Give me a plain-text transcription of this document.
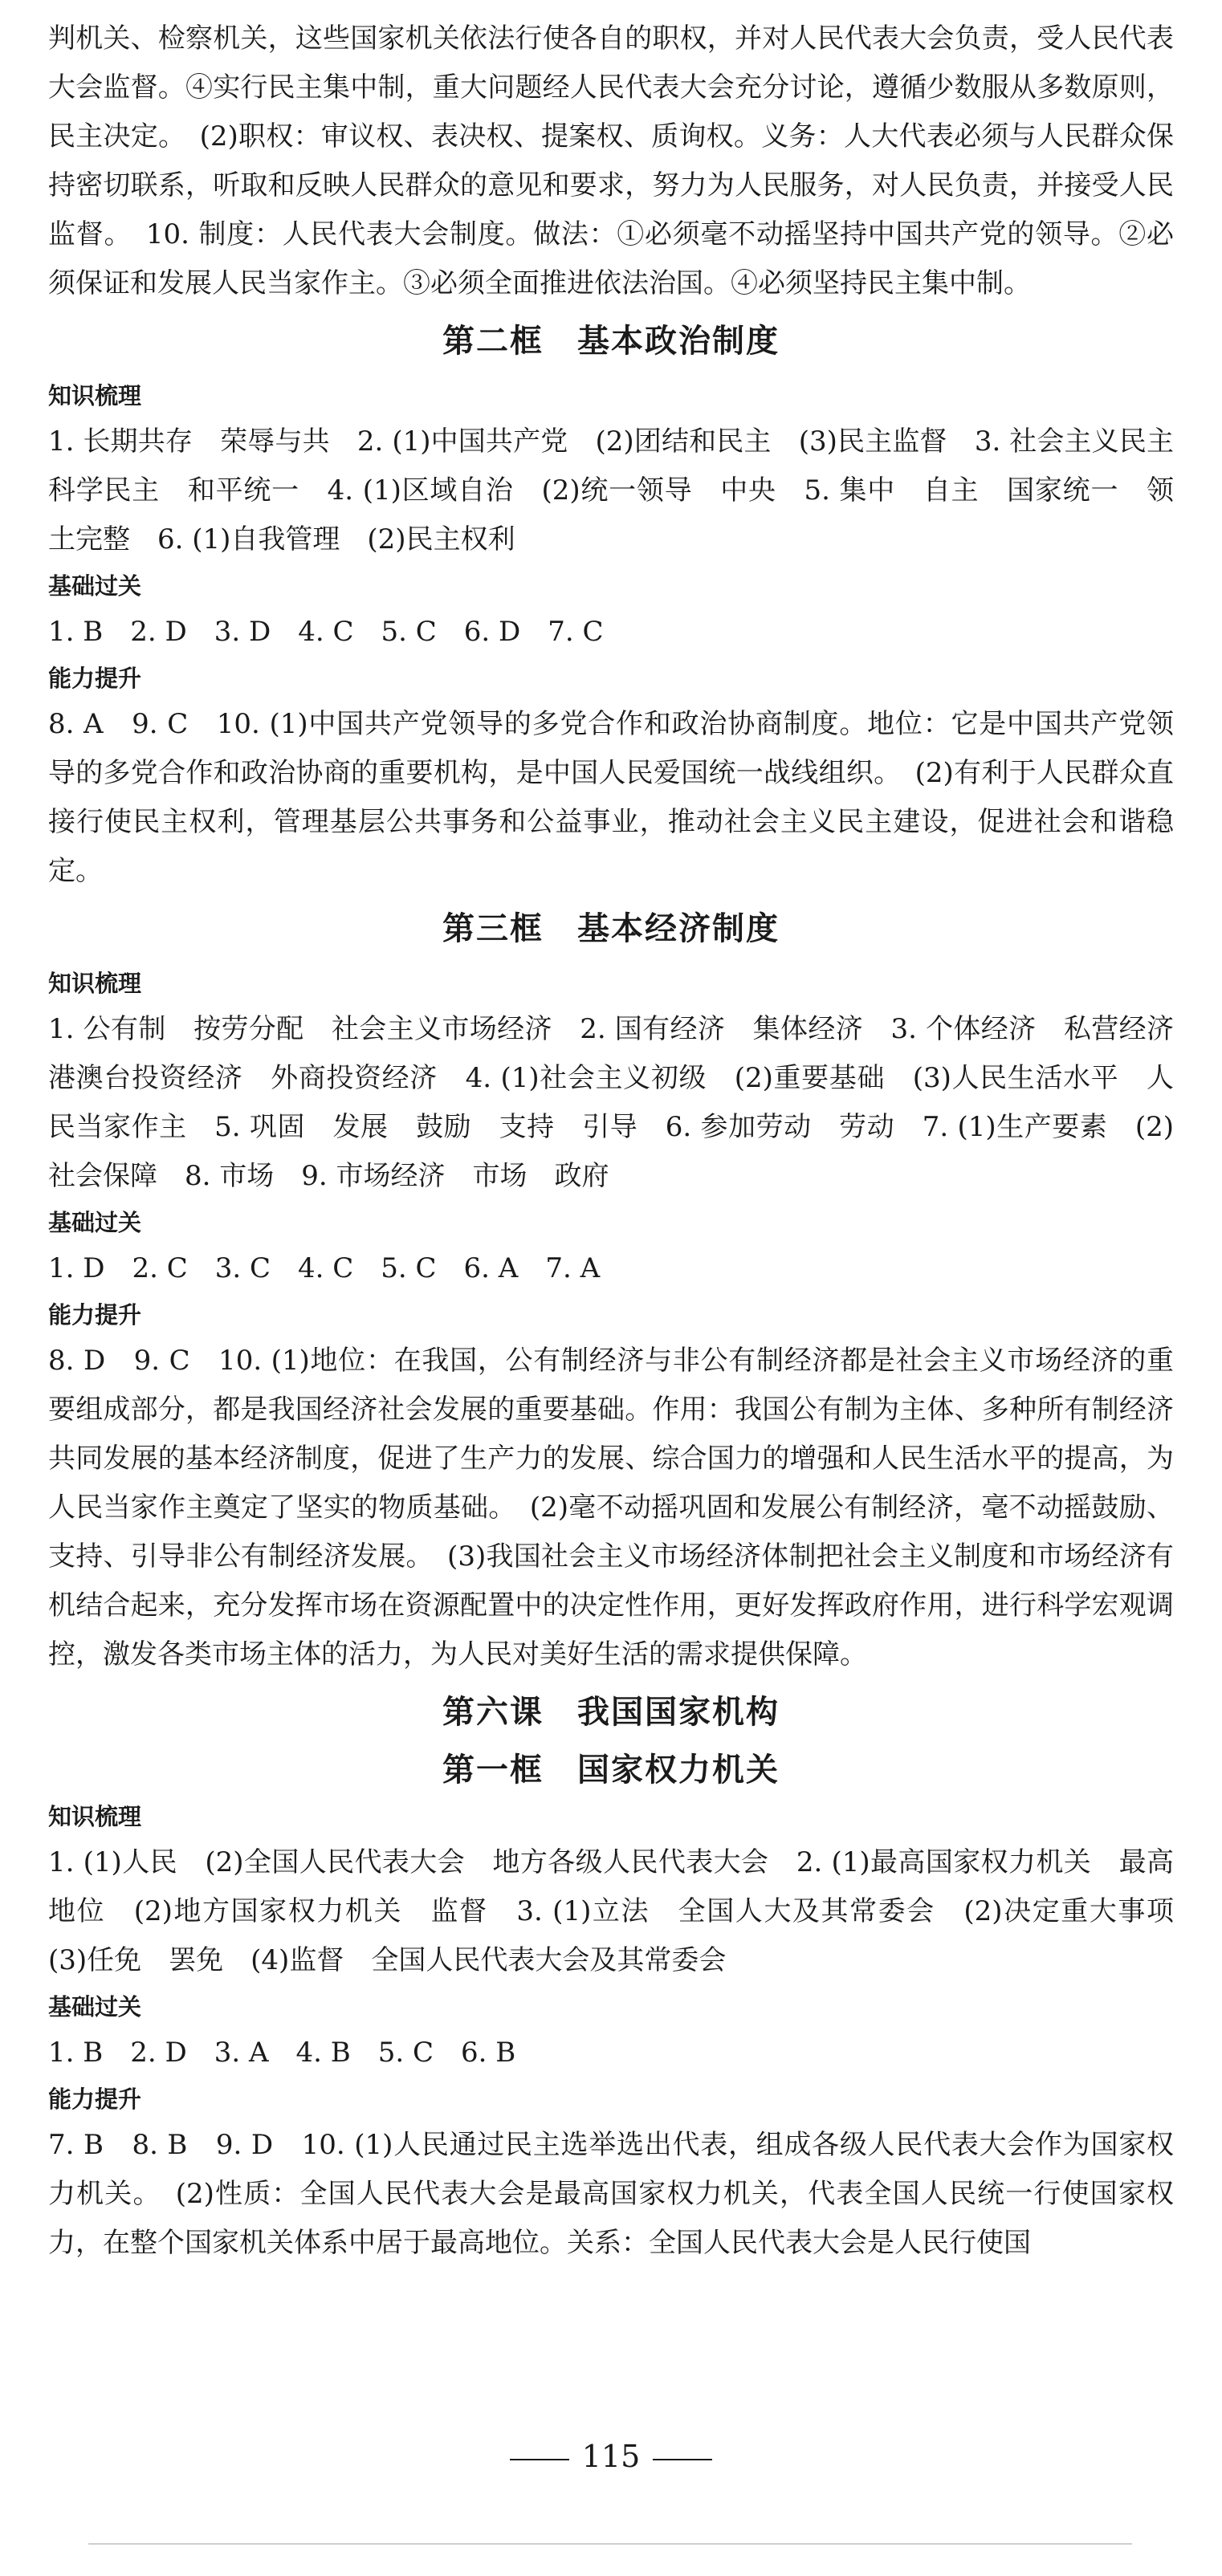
判机关、检察机关，这些国家机关依法行使各自的职权，并对人民代表大会负责，受人民代表大会监督。④实行民主集中制，重大问题经人民代表大会充分讨论，遵循少数服从多数原则，民主决定。　(2)职权：审议权、表决权、提案权、质询权。义务：人大代表必须与人民群众保持密切联系，听取和反映人民群众的意见和要求，努力为人民服务，对人民负责，并接受人民监督。　10. 制度：人民代表大会制度。做法：①必须毫不动摇坚持中国共产党的领导。②必须保证和发展人民当家作主。③必须全面推进依法治国。④必须坚持民主集中制。

第二框　基本政治制度
知识梳理

1. 长期共存　荣辱与共　2. (1)中国共产党　(2)团结和民主　(3)民主监督　3. 社会主义民主　科学民主　和平统一　4. (1)区域自治　(2)统一领导　中央　5. 集中　自主　国家统一　领土完整　6. (1)自我管理　(2)民主权利

基础过关

1. B　2. D　3. D　4. C　5. C　6. D　7. C

能力提升

8. A　9. C　10. (1)中国共产党领导的多党合作和政治协商制度。地位：它是中国共产党领导的多党合作和政治协商的重要机构，是中国人民爱国统一战线组织。　(2)有利于人民群众直接行使民主权利，管理基层公共事务和公益事业，推动社会主义民主建设，促进社会和谐稳定。

第三框　基本经济制度
知识梳理

1. 公有制　按劳分配　社会主义市场经济　2. 国有经济　集体经济　3. 个体经济　私营经济　港澳台投资经济　外商投资经济　4. (1)社会主义初级　(2)重要基础　(3)人民生活水平　人民当家作主　5. 巩固　发展　鼓励　支持　引导　6. 参加劳动　劳动　7. (1)生产要素　(2)社会保障　8. 市场　9. 市场经济　市场　政府

基础过关

1. D　2. C　3. C　4. C　5. C　6. A　7. A

能力提升

8. D　9. C　10. (1)地位：在我国，公有制经济与非公有制经济都是社会主义市场经济的重要组成部分，都是我国经济社会发展的重要基础。作用：我国公有制为主体、多种所有制经济共同发展的基本经济制度，促进了生产力的发展、综合国力的增强和人民生活水平的提高，为人民当家作主奠定了坚实的物质基础。　(2)毫不动摇巩固和发展公有制经济，毫不动摇鼓励、支持、引导非公有制经济发展。　(3)我国社会主义市场经济体制把社会主义制度和市场经济有机结合起来，充分发挥市场在资源配置中的决定性作用，更好发挥政府作用，进行科学宏观调控，激发各类市场主体的活力，为人民对美好生活的需求提供保障。

第六课　我国国家机构
第一框　国家权力机关
知识梳理

1. (1)人民　(2)全国人民代表大会　地方各级人民代表大会　2. (1)最高国家权力机关　最高地位　(2)地方国家权力机关　监督　3. (1)立法　全国人大及其常委会　(2)决定重大事项　(3)任免　罢免　(4)监督　全国人民代表大会及其常委会

基础过关

1. B　2. D　3. A　4. B　5. C　6. B

能力提升

7. B　8. B　9. D　10. (1)人民通过民主选举选出代表，组成各级人民代表大会作为国家权力机关。　(2)性质：全国人民代表大会是最高国家权力机关，代表全国人民统一行使国家权力，在整个国家机关体系中居于最高地位。关系：全国人民代表大会是人民行使国

115
